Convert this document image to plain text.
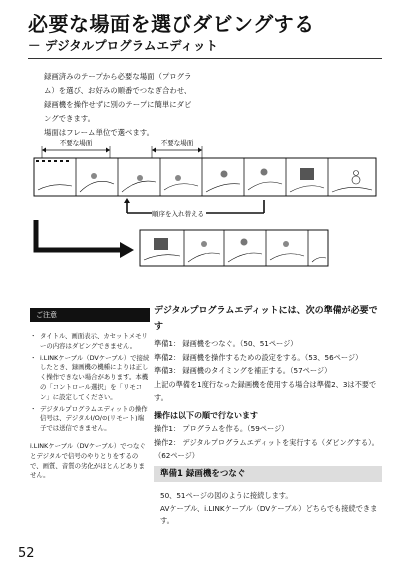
必要な場面を選びダビングする
－ デジタルプログラムエディット

録画済みのテープから必要な場面（プログラ

ム）を選び、お好みの順番でつなぎ合わせ、

録画機を操作せずに別のテープに簡単にダビ

ングできます。

場面はフレーム単位で選べます。

不要な場面	不要な場面
順序を入れ替える
ご注意
・ タイトル、画面表示、カセットメモリーの内容はダビングできません。
・ i.LINKケーブル（DVケーブル）で接続したとき、録画機の機種によりは正しく操作できない場合があります。本機の「コントロール選択」を「リモコン」に設定してください。
・ デジタルプログラムエディットの操作信号は、デジタルI/O/⊙(リモート)端子では送信できません。
i.LINKケーブル（DVケーブル）でつなぐとデジタルで信号のやりとりをするので、画質、音質の劣化がほとんどありません。

デジタルプログラムエディットには、次の準備が必要です

準備1： 録画機をつなぐ。（50、51ページ）

準備2： 録画機を操作するための設定をする。（53、56ページ）

準備3： 録画機のタイミングを補正する。（57ページ）

上記の準備を1度行なった録画機を使用する場合は準備2、3は不要です。

操作は以下の順で行ないます

操作1： プログラムを作る。（59ページ）

操作2： デジタルプログラムエディットを実行する（ダビングする）。（62ページ）

準備1 録画機をつなぐ

50、51ページの図のように接続します。

AVケーブル、i.LINKケーブル（DVケーブル）どちらでも接続できます。

52
